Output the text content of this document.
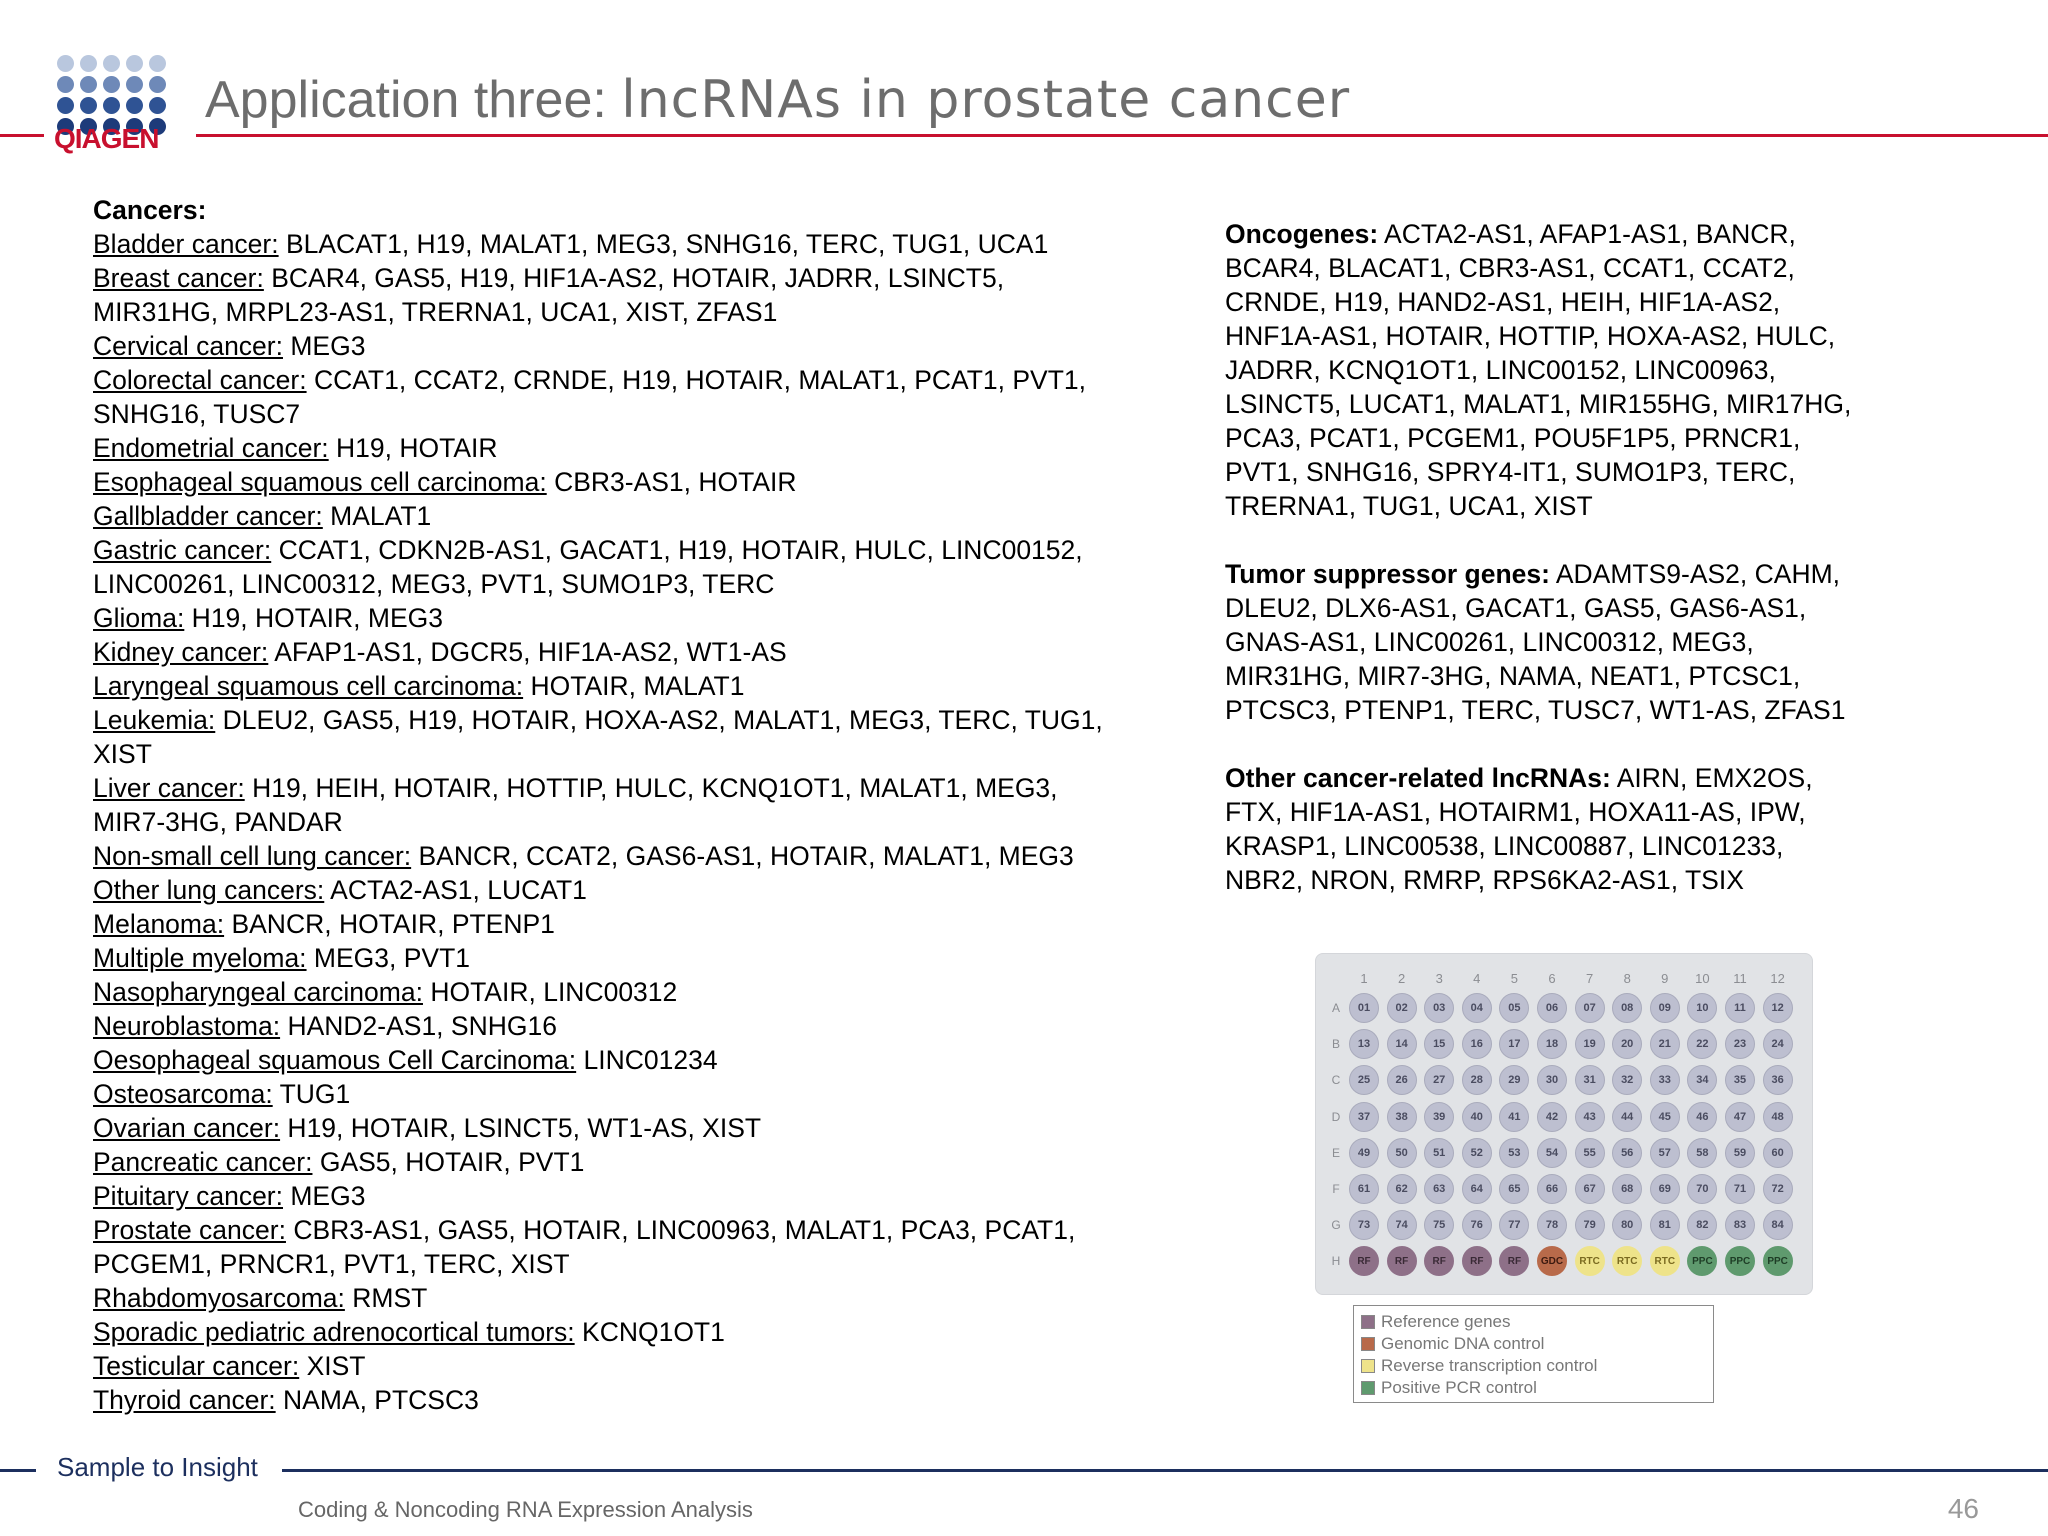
QIAGEN
Application three: lncRNAs in prostate cancer
Cancers:
Bladder cancer: BLACAT1, H19, MALAT1, MEG3, SNHG16, TERC, TUG1, UCA1
Breast cancer: BCAR4, GAS5, H19, HIF1A-AS2, HOTAIR, JADRR, LSINCT5,
MIR31HG, MRPL23-AS1, TRERNA1, UCA1, XIST, ZFAS1
Cervical cancer: MEG3
Colorectal cancer: CCAT1, CCAT2, CRNDE, H19, HOTAIR, MALAT1, PCAT1, PVT1,
SNHG16, TUSC7
Endometrial cancer: H19, HOTAIR
Esophageal squamous cell carcinoma: CBR3-AS1, HOTAIR
Gallbladder cancer: MALAT1
Gastric cancer: CCAT1, CDKN2B-AS1, GACAT1, H19, HOTAIR, HULC, LINC00152,
LINC00261, LINC00312, MEG3, PVT1, SUMO1P3, TERC
Glioma: H19, HOTAIR, MEG3
Kidney cancer: AFAP1-AS1, DGCR5, HIF1A-AS2, WT1-AS
Laryngeal squamous cell carcinoma: HOTAIR, MALAT1
Leukemia: DLEU2, GAS5, H19, HOTAIR, HOXA-AS2, MALAT1, MEG3, TERC, TUG1,
XIST
Liver cancer: H19, HEIH, HOTAIR, HOTTIP, HULC, KCNQ1OT1, MALAT1, MEG3,
MIR7-3HG, PANDAR
Non-small cell lung cancer: BANCR, CCAT2, GAS6-AS1, HOTAIR, MALAT1, MEG3
Other lung cancers: ACTA2-AS1, LUCAT1
Melanoma: BANCR, HOTAIR, PTENP1
Multiple myeloma: MEG3, PVT1
Nasopharyngeal carcinoma: HOTAIR, LINC00312
Neuroblastoma: HAND2-AS1, SNHG16
Oesophageal squamous Cell Carcinoma: LINC01234
Osteosarcoma: TUG1
Ovarian cancer: H19, HOTAIR, LSINCT5, WT1-AS, XIST
Pancreatic cancer: GAS5, HOTAIR, PVT1
Pituitary cancer: MEG3
Prostate cancer: CBR3-AS1, GAS5, HOTAIR, LINC00963, MALAT1, PCA3, PCAT1,
PCGEM1, PRNCR1, PVT1, TERC, XIST
Rhabdomyosarcoma: RMST
Sporadic pediatric adrenocortical tumors: KCNQ1OT1
Testicular cancer: XIST
Thyroid cancer: NAMA, PTCSC3
Oncogenes: ACTA2-AS1, AFAP1-AS1, BANCR,
BCAR4, BLACAT1, CBR3-AS1, CCAT1, CCAT2,
CRNDE, H19, HAND2-AS1, HEIH, HIF1A-AS2,
HNF1A-AS1, HOTAIR, HOTTIP, HOXA-AS2, HULC,
JADRR, KCNQ1OT1, LINC00152, LINC00963,
LSINCT5, LUCAT1, MALAT1, MIR155HG, MIR17HG,
PCA3, PCAT1, PCGEM1, POU5F1P5, PRNCR1,
PVT1, SNHG16, SPRY4-IT1, SUMO1P3, TERC,
TRERNA1, TUG1, UCA1, XIST
Tumor suppressor genes: ADAMTS9-AS2, CAHM,
DLEU2, DLX6-AS1, GACAT1, GAS5, GAS6-AS1,
GNAS-AS1, LINC00261, LINC00312, MEG3,
MIR31HG, MIR7-3HG, NAMA, NEAT1, PTCSC1,
PTCSC3, PTENP1, TERC, TUSC7, WT1-AS, ZFAS1
Other cancer-related lncRNAs: AIRN, EMX2OS,
FTX, HIF1A-AS1, HOTAIRM1, HOXA11-AS, IPW,
KRASP1, LINC00538, LINC00887, LINC01233,
NBR2, NRON, RMRP, RPS6KA2-AS1, TSIX
1	2	3	4	5	6	7	8	9	10	11	12
A	01	02	03	04	05	06	07	08	09	10	11	12
B	13	14	15	16	17	18	19	20	21	22	23	24
C	25	26	27	28	29	30	31	32	33	34	35	36
D	37	38	39	40	41	42	43	44	45	46	47	48
E	49	50	51	52	53	54	55	56	57	58	59	60
F	61	62	63	64	65	66	67	68	69	70	71	72
G	73	74	75	76	77	78	79	80	81	82	83	84
H	RF	RF	RF	RF	RF	GDC	RTC	RTC	RTC	PPC	PPC	PPC
Reference genes
Genomic DNA control
Reverse transcription control
Positive PCR control
Sample to Insight
Coding & Noncoding RNA Expression Analysis	46
